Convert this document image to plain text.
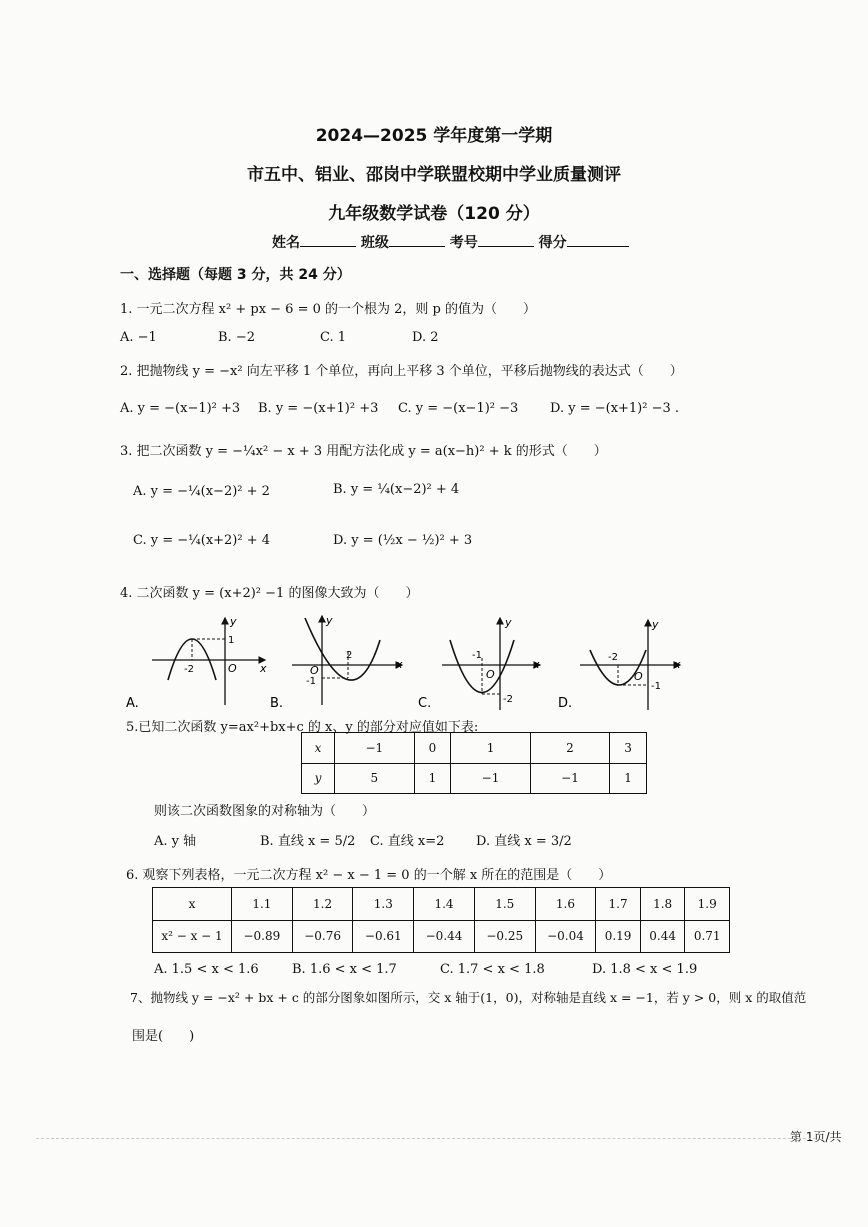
2024—2025 学年度第一学期
市五中、铝业、邵岗中学联盟校期中学业质量测评
九年级数学试卷（120 分）
姓名	班级	考号	得分
一、选择题（每题 3 分，共 24 分）
1. 一元二次方程 x² + px − 6 = 0 的一个根为 2，则 p 的值为（　　）
A. −1	B. −2	C. 1	D. 2
2. 把抛物线 y = −x² 向左平移 1 个单位，再向上平移 3 个单位，平移后抛物线的表达式（　　）
A. y = −(x−1)² +3 B. y = −(x+1)² +3 C. y = −(x−1)² −3 D. y = −(x+1)² −3 .
3. 把二次函数 y = −¼x² − x + 3 用配方法化成 y = a(x−h)² + k 的形式（　　）
A. y = −¼(x−2)² + 2	B. y = ¼(x−2)² + 4
C. y = −¼(x+2)² + 4	D. y = (½x − ½)² + 3
4. 二次函数 y = (x+2)² −1 的图像大致为（　　）
y
x
O
1
-2
A.
y
x
O
2
-1
B.
y
x
O
-1
-2
C.
y
x
O
-2
-1
D.
5.已知二次函数 y=ax²+bx+c 的 x、y 的部分对应值如下表:
x	−1	0	1	2	3
y	5	1	−1	−1	1
则该二次函数图象的对称轴为（　　）
A. y 轴	B. 直线 x = 5/2 C. 直线 x=2 D. 直线 x = 3/2
6. 观察下列表格，一元二次方程 x² − x − 1 = 0 的一个解 x 所在的范围是（　　）
x	1.1	1.2	1.3	1.4	1.5	1.6	1.7	1.8	1.9
x² − x − 1	−0.89	−0.76	−0.61	−0.44	−0.25	−0.04	0.19	0.44	0.71
A. 1.5 < x < 1.6	B. 1.6 < x < 1.7	C. 1.7 < x < 1.8	D. 1.8 < x < 1.9
7、抛物线 y = −x² + bx + c 的部分图象如图所示，交 x 轴于(1，0)，对称轴是直线 x = −1，若 y > 0，则 x 的取值范
围是(　　)
第 1页/共
